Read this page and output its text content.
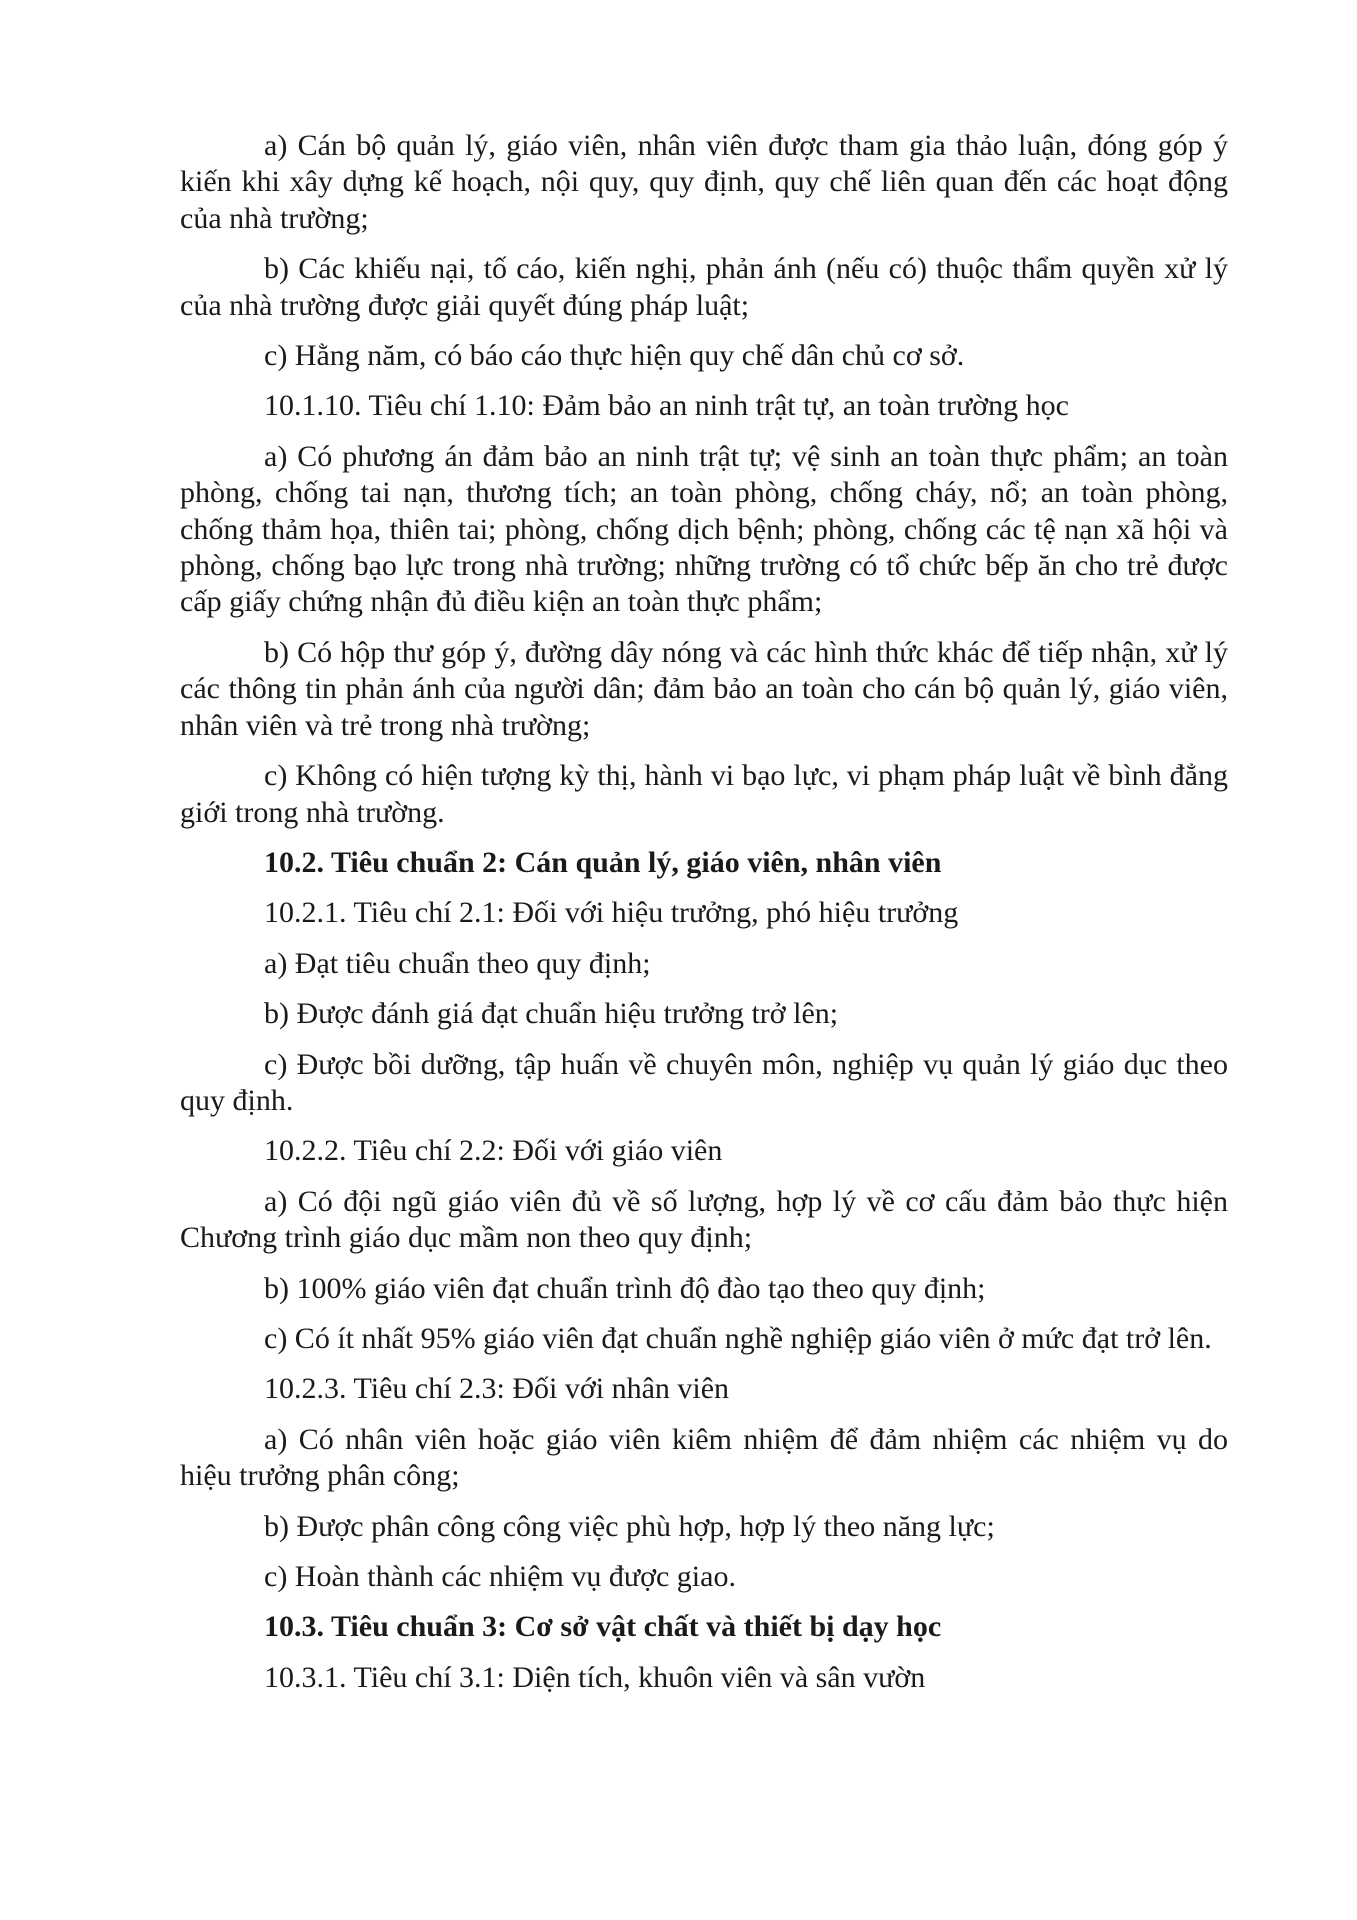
a) Cán bộ quản lý, giáo viên, nhân viên được tham gia thảo luận, đóng góp ý kiến khi xây dựng kế hoạch, nội quy, quy định, quy chế liên quan đến các hoạt động của nhà trường;

b) Các khiếu nại, tố cáo, kiến nghị, phản ánh (nếu có) thuộc thẩm quyền xử lý của nhà trường được giải quyết đúng pháp luật;

c) Hằng năm, có báo cáo thực hiện quy chế dân chủ cơ sở.

10.1.10. Tiêu chí 1.10: Đảm bảo an ninh trật tự, an toàn trường học

a) Có phương án đảm bảo an ninh trật tự; vệ sinh an toàn thực phẩm; an toàn phòng, chống tai nạn, thương tích; an toàn phòng, chống cháy, nổ; an toàn phòng, chống thảm họa, thiên tai; phòng, chống dịch bệnh; phòng, chống các tệ nạn xã hội và phòng, chống bạo lực trong nhà trường; những trường có tổ chức bếp ăn cho trẻ được cấp giấy chứng nhận đủ điều kiện an toàn thực phẩm;

b) Có hộp thư góp ý, đường dây nóng và các hình thức khác để tiếp nhận, xử lý các thông tin phản ánh của người dân; đảm bảo an toàn cho cán bộ quản lý, giáo viên, nhân viên và trẻ trong nhà trường;

c) Không có hiện tượng kỳ thị, hành vi bạo lực, vi phạm pháp luật về bình đẳng giới trong nhà trường.

10.2. Tiêu chuẩn 2: Cán quản lý, giáo viên, nhân viên

10.2.1. Tiêu chí 2.1: Đối với hiệu trưởng, phó hiệu trưởng

a) Đạt tiêu chuẩn theo quy định;

b) Được đánh giá đạt chuẩn hiệu trưởng trở lên;

c) Được bồi dưỡng, tập huấn về chuyên môn, nghiệp vụ quản lý giáo dục theo quy định.

10.2.2. Tiêu chí 2.2: Đối với giáo viên

a) Có đội ngũ giáo viên đủ về số lượng, hợp lý về cơ cấu đảm bảo thực hiện Chương trình giáo dục mầm non theo quy định;

b) 100% giáo viên đạt chuẩn trình độ đào tạo theo quy định;

c) Có ít nhất 95% giáo viên đạt chuẩn nghề nghiệp giáo viên ở mức đạt trở lên.

10.2.3. Tiêu chí 2.3: Đối với nhân viên

a) Có nhân viên hoặc giáo viên kiêm nhiệm để đảm nhiệm các nhiệm vụ do hiệu trưởng phân công;

b) Được phân công công việc phù hợp, hợp lý theo năng lực;

c) Hoàn thành các nhiệm vụ được giao.

10.3. Tiêu chuẩn 3: Cơ sở vật chất và thiết bị dạy học

10.3.1. Tiêu chí 3.1: Diện tích, khuôn viên và sân vườn
